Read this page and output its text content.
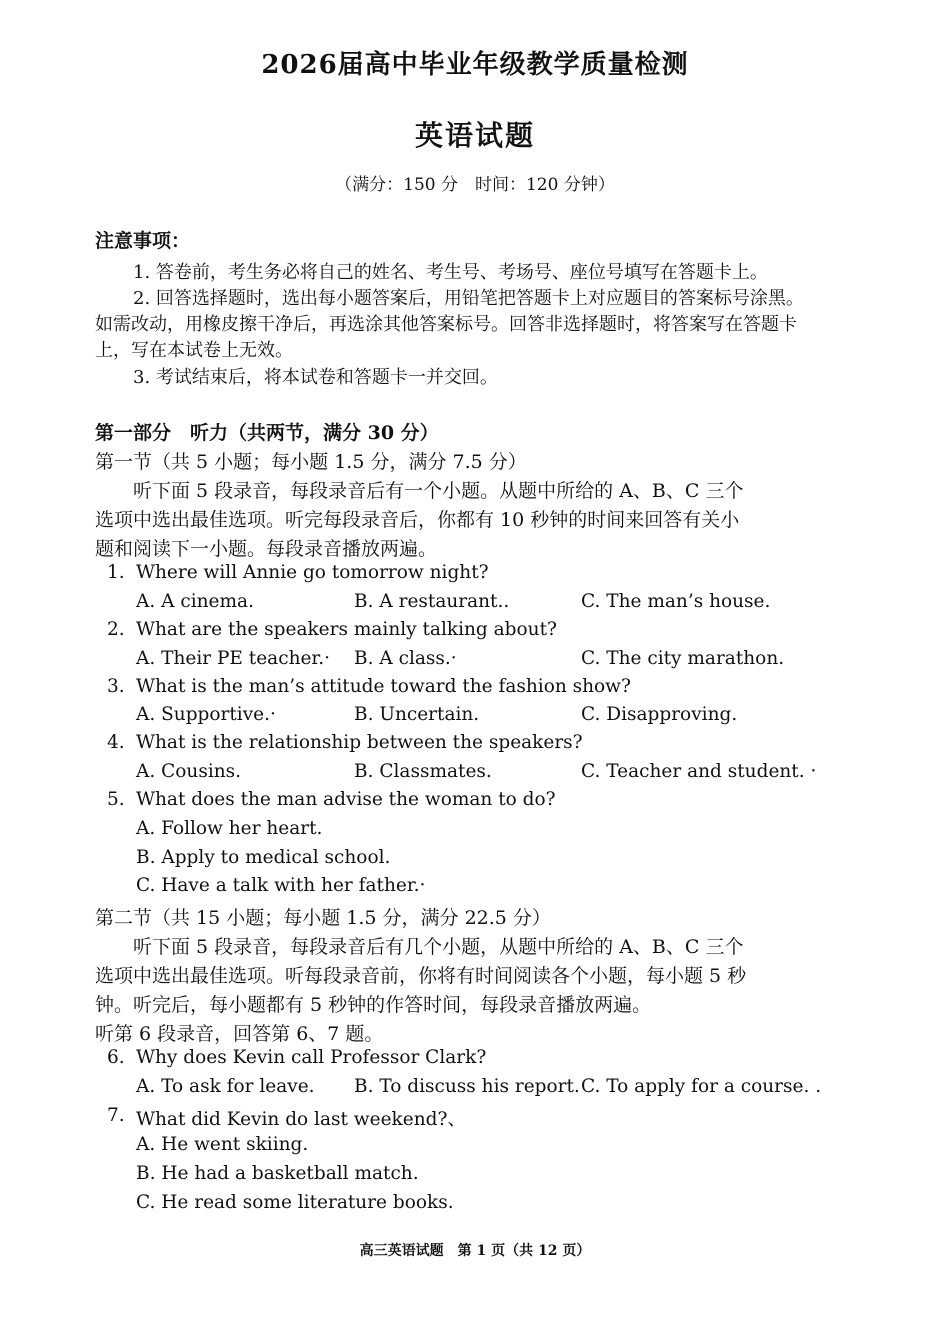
2026届高中毕业年级教学质量检测
英语试题
（满分：150 分　时间：120 分钟）
注意事项：
1. 答卷前，考生务必将自己的姓名、考生号、考场号、座位号填写在答题卡上。
2. 回答选择题时，选出每小题答案后，用铅笔把答题卡上对应题目的答案标号涂黑。
如需改动，用橡皮擦干净后，再选涂其他答案标号。回答非选择题时，将答案写在答题卡
上，写在本试卷上无效。
3. 考试结束后，将本试卷和答题卡一并交回。
第一部分　听力（共两节，满分 30 分）
第一节（共 5 小题；每小题 1.5 分，满分 7.5 分）
听下面 5 段录音，每段录音后有一个小题。从题中所给的 A、B、C 三个
选项中选出最佳选项。听完每段录音后，你都有 10 秒钟的时间来回答有关小
题和阅读下一小题。每段录音播放两遍。
1. Where will Annie go tomorrow night?
A. A cinema.	B. A restaurant..	C. The man’s house.
2. What are the speakers mainly talking about?
A. Their PE teacher.· B. A class.·	C. The city marathon.
3. What is the man’s attitude toward the fashion show?
A. Supportive.·	B. Uncertain.	C. Disapproving.
4. What is the relationship between the speakers?
A. Cousins.	B. Classmates.	C. Teacher and student. ·
5. What does the man advise the woman to do?
A. Follow her heart.
B. Apply to medical school.
C. Have a talk with her father.·
第二节（共 15 小题；每小题 1.5 分，满分 22.5 分）
听下面 5 段录音，每段录音后有几个小题，从题中所给的 A、B、C 三个
选项中选出最佳选项。听每段录音前，你将有时间阅读各个小题，每小题 5 秒
钟。听完后，每小题都有 5 秒钟的作答时间，每段录音播放两遍。
听第 6 段录音，回答第 6、7 题。
6. Why does Kevin call Professor Clark?
A. To ask for leave. B. To discuss his report. C. To apply for a course. .
7. What did Kevin do last weekend?、
A. He went skiing.
B. He had a basketball match.
C. He read some literature books.
高三英语试题　第 1 页（共 12 页）
